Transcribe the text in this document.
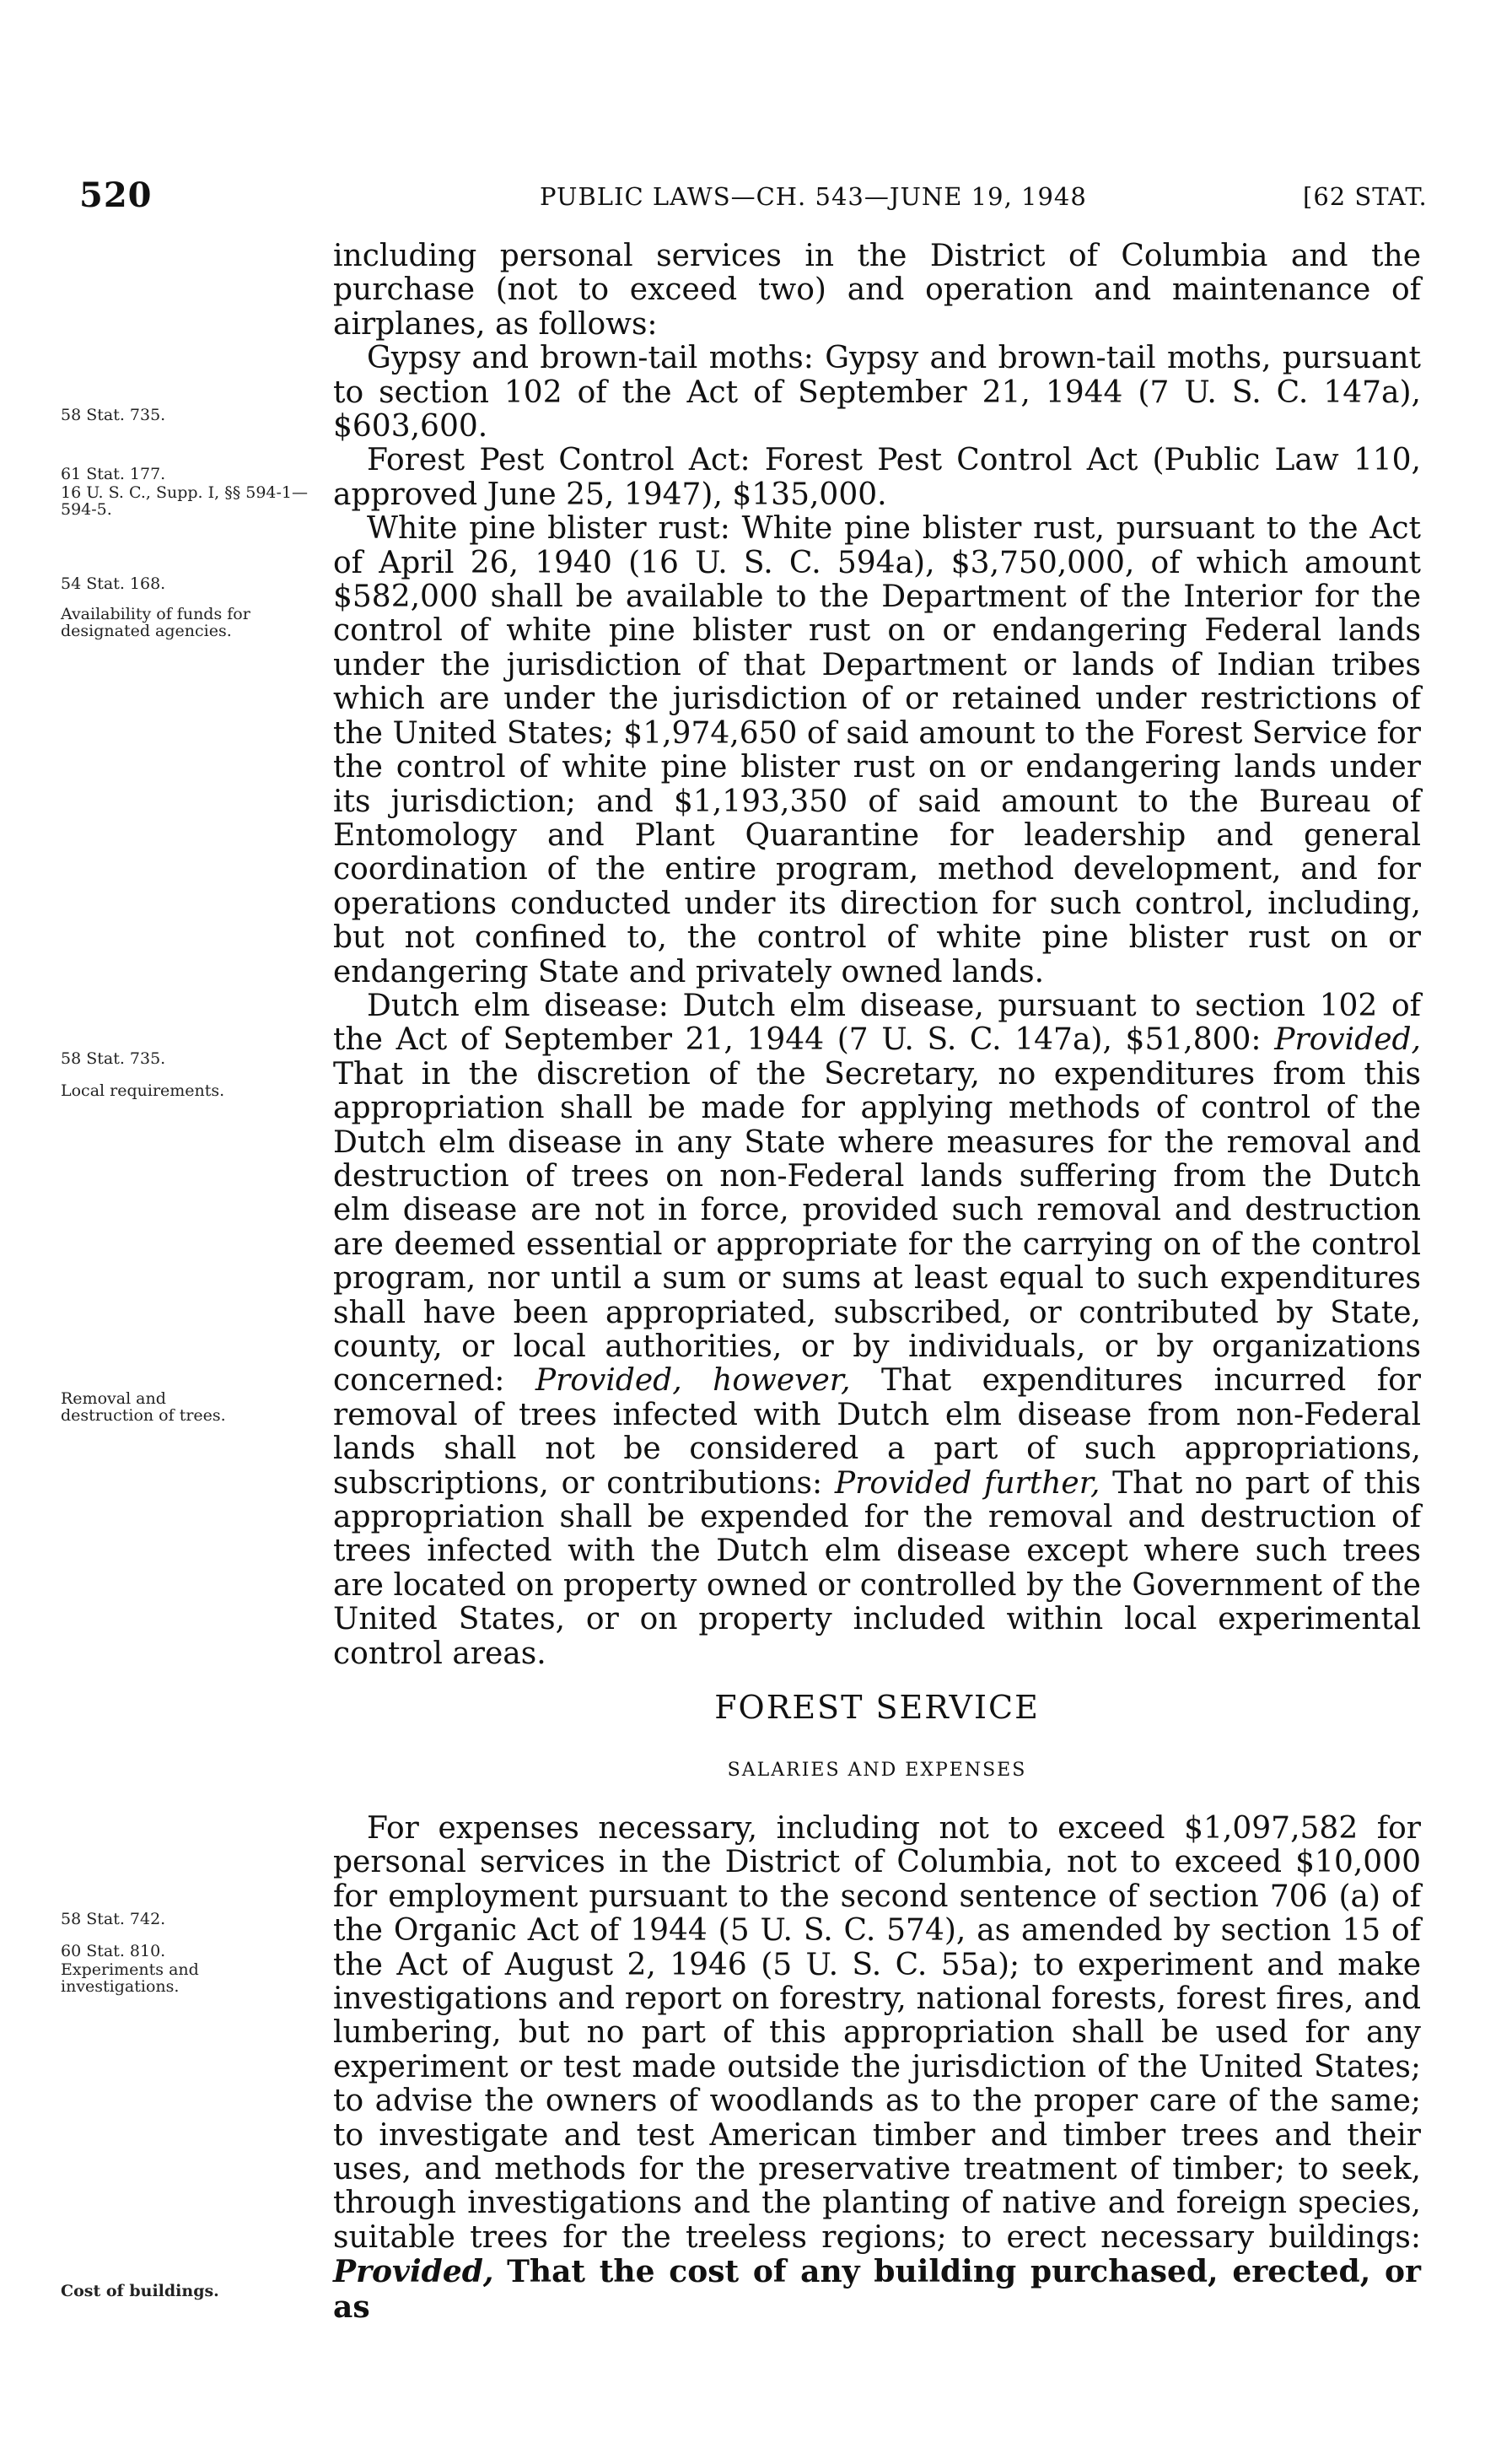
520	PUBLIC LAWS—CH. 543—JUNE 19, 1948	[62 STAT.

including personal services in the District of Columbia and the purchase (not to exceed two) and operation and maintenance of airplanes, as follows:

Gypsy and brown-tail moths: Gypsy and brown-tail moths, pursuant to section 102 of the Act of September 21, 1944 (7 U. S. C. 147a), $603,600.

Forest Pest Control Act: Forest Pest Control Act (Public Law 110, approved June 25, 1947), $135,000.

White pine blister rust: White pine blister rust, pursuant to the Act of April 26, 1940 (16 U. S. C. 594a), $3,750,000, of which amount $582,000 shall be available to the Department of the Interior for the control of white pine blister rust on or endangering Federal lands under the jurisdiction of that Department or lands of Indian tribes which are under the jurisdiction of or retained under restrictions of the United States; $1,974,650 of said amount to the Forest Service for the control of white pine blister rust on or endangering lands under its jurisdiction; and $1,193,350 of said amount to the Bureau of Entomology and Plant Quarantine for leadership and general coordination of the entire program, method development, and for operations conducted under its direction for such control, including, but not confined to, the control of white pine blister rust on or endangering State and privately owned lands.

Dutch elm disease: Dutch elm disease, pursuant to section 102 of the Act of September 21, 1944 (7 U. S. C. 147a), $51,800: Provided, That in the discretion of the Secretary, no expenditures from this appropriation shall be made for applying methods of control of the Dutch elm disease in any State where measures for the removal and destruction of trees on non-Federal lands suffering from the Dutch elm disease are not in force, provided such removal and destruction are deemed essential or appropriate for the carrying on of the control program, nor until a sum or sums at least equal to such expenditures shall have been appropriated, subscribed, or contributed by State, county, or local authorities, or by individuals, or by organizations concerned: Provided, however, That expenditures incurred for removal of trees infected with Dutch elm disease from non-Federal lands shall not be considered a part of such appropriations, subscriptions, or contributions: Provided further, That no part of this appropriation shall be expended for the removal and destruction of trees infected with the Dutch elm disease except where such trees are located on property owned or controlled by the Government of the United States, or on property included within local experimental control areas.

FOREST SERVICE
SALARIES AND EXPENSES

For expenses necessary, including not to exceed $1,097,582 for personal services in the District of Columbia, not to exceed $10,000 for employment pursuant to the second sentence of section 706 (a) of the Organic Act of 1944 (5 U. S. C. 574), as amended by section 15 of the Act of August 2, 1946 (5 U. S. C. 55a); to experiment and make investigations and report on forestry, national forests, forest fires, and lumbering, but no part of this appropriation shall be used for any experiment or test made outside the jurisdiction of the United States; to advise the owners of woodlands as to the proper care of the same; to investigate and test American timber and timber trees and their uses, and methods for the preservative treatment of timber; to seek, through investigations and the planting of native and foreign species, suitable trees for the treeless regions; to erect necessary buildings: Provided, That the cost of any building purchased, erected, or as

58 Stat. 735.
61 Stat. 177.
16 U. S. C., Supp. I, §§ 594-1—594-5.
54 Stat. 168.
Availability of funds for designated agencies.
58 Stat. 735.
Local requirements.
Removal and destruction of trees.
58 Stat. 742.
60 Stat. 810.
Experiments and investigations.
Cost of buildings.
